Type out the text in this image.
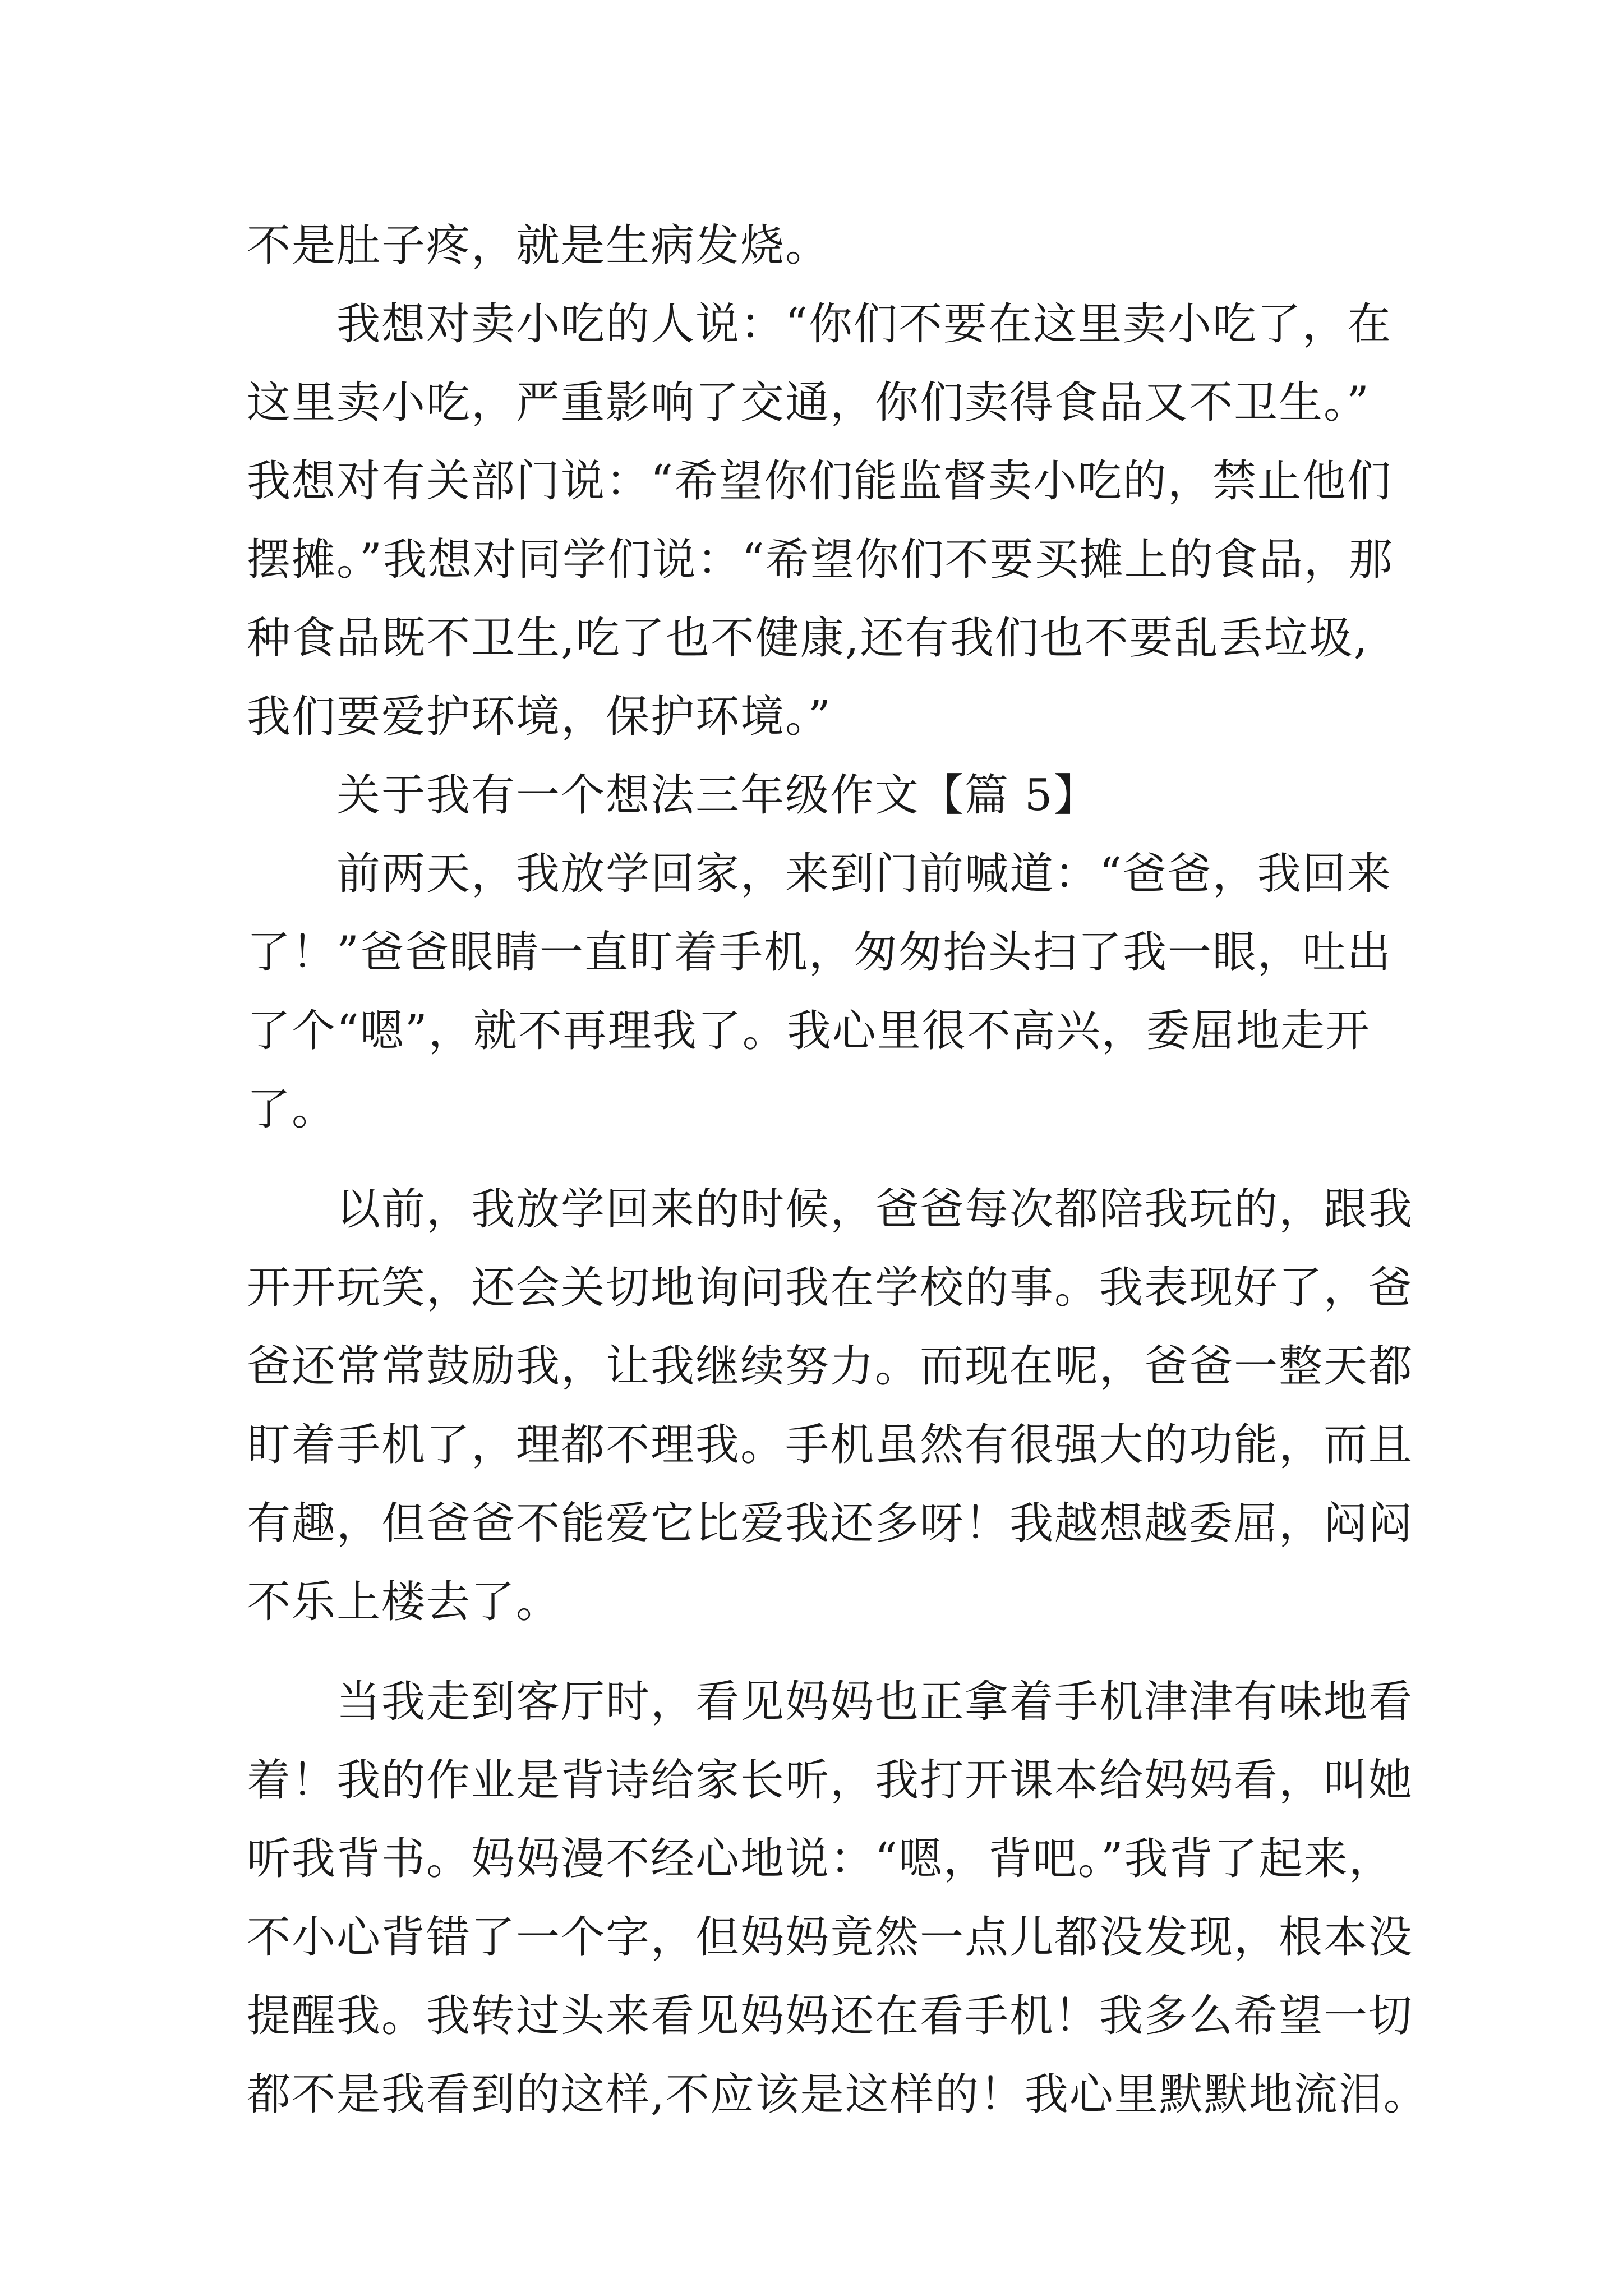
不是肚子疼，就是生病发烧。
我想对卖小吃的人说：“你们不要在这里卖小吃了，在
这里卖小吃，严重影响了交通，你们卖得食品又不卫生。”
我想对有关部门说：“希望你们能监督卖小吃的，禁止他们
摆摊。”我想对同学们说：“希望你们不要买摊上的食品，那
种食品既不卫生,吃了也不健康,还有我们也不要乱丢垃圾,
我们要爱护环境，保护环境。”
关于我有一个想法三年级作文【篇 5】
前两天，我放学回家，来到门前喊道：“爸爸，我回来
了！”爸爸眼睛一直盯着手机，匆匆抬头扫了我一眼，吐出
了个“嗯”，就不再理我了。我心里很不高兴，委屈地走开
了。
以前，我放学回来的时候，爸爸每次都陪我玩的，跟我
开开玩笑，还会关切地询问我在学校的事。我表现好了，爸
爸还常常鼓励我，让我继续努力。而现在呢，爸爸一整天都
盯着手机了，理都不理我。手机虽然有很强大的功能，而且
有趣，但爸爸不能爱它比爱我还多呀！我越想越委屈，闷闷
不乐上楼去了。
当我走到客厅时，看见妈妈也正拿着手机津津有味地看
着！我的作业是背诗给家长听，我打开课本给妈妈看，叫她
听我背书。妈妈漫不经心地说：“嗯，背吧。”我背了起来，
不小心背错了一个字，但妈妈竟然一点儿都没发现，根本没
提醒我。我转过头来看见妈妈还在看手机！我多么希望一切
都不是我看到的这样,不应该是这样的！我心里默默地流泪。
